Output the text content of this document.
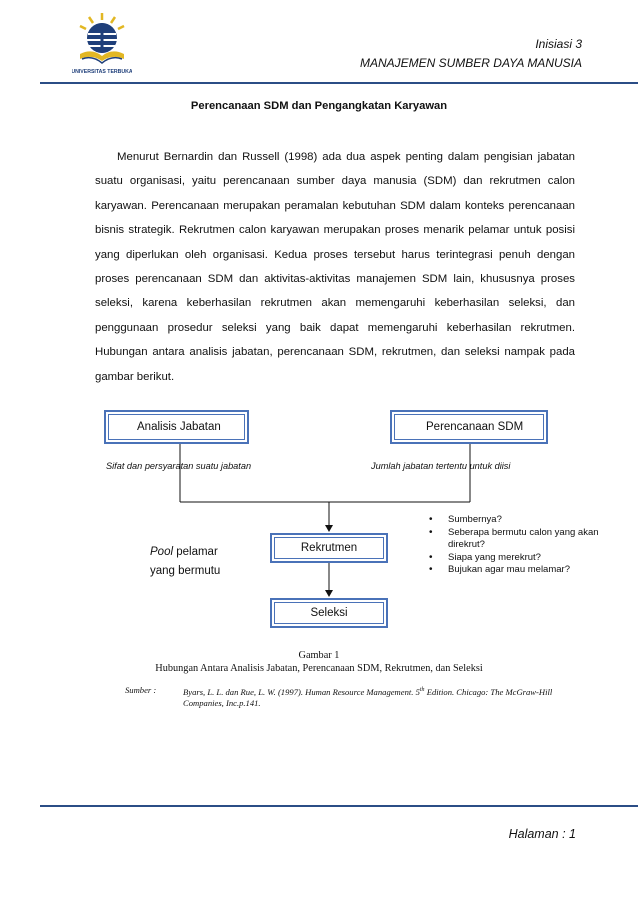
UNIVERSITAS TERBUKA
Inisiasi 3
MANAJEMEN SUMBER DAYA MANUSIA
Perencanaan SDM dan Pengangkatan Karyawan
Menurut Bernardin dan Russell (1998) ada dua aspek penting dalam pengisian jabatan suatu organisasi, yaitu perencanaan sumber daya manusia (SDM) dan rekrutmen calon karyawan. Perencanaan merupakan peramalan kebutuhan SDM dalam konteks perencanaan bisnis strategik. Rekrutmen calon karyawan merupakan proses menarik pelamar untuk posisi yang diperlukan oleh organisasi. Kedua proses tersebut harus terintegrasi penuh dengan proses perencanaan SDM dan aktivitas-aktivitas manajemen SDM lain, khususnya proses seleksi, karena keberhasilan rekrutmen akan memengaruhi keberhasilan seleksi, dan penggunaan prosedur seleksi yang baik dapat memengaruhi keberhasilan rekrutmen. Hubungan antara analisis jabatan, perencanaan SDM, rekrutmen, dan seleksi nampak pada gambar berikut.
Analisis Jabatan	Perencanaan SDM
Sifat dan persyaratan suatu jabatan	Jumlah jabatan tertentu untuk diisi
Pool pelamar
yang bermutu
Rekrutmen
Seleksi
• Sumbernya?
• Seberapa bermutu calon yang akan direkrut?
• Siapa yang merekrut?
• Bujukan agar mau melamar?
Gambar 1
Hubungan Antara Analisis Jabatan, Perencanaan SDM, Rekrutmen, dan Seleksi
Sumber :	Byars, L. L. dan Rue, L. W. (1997). Human Resource Management. 5th Edition. Chicago: The McGraw-Hill Companies, Inc.p.141.
Halaman : 1
